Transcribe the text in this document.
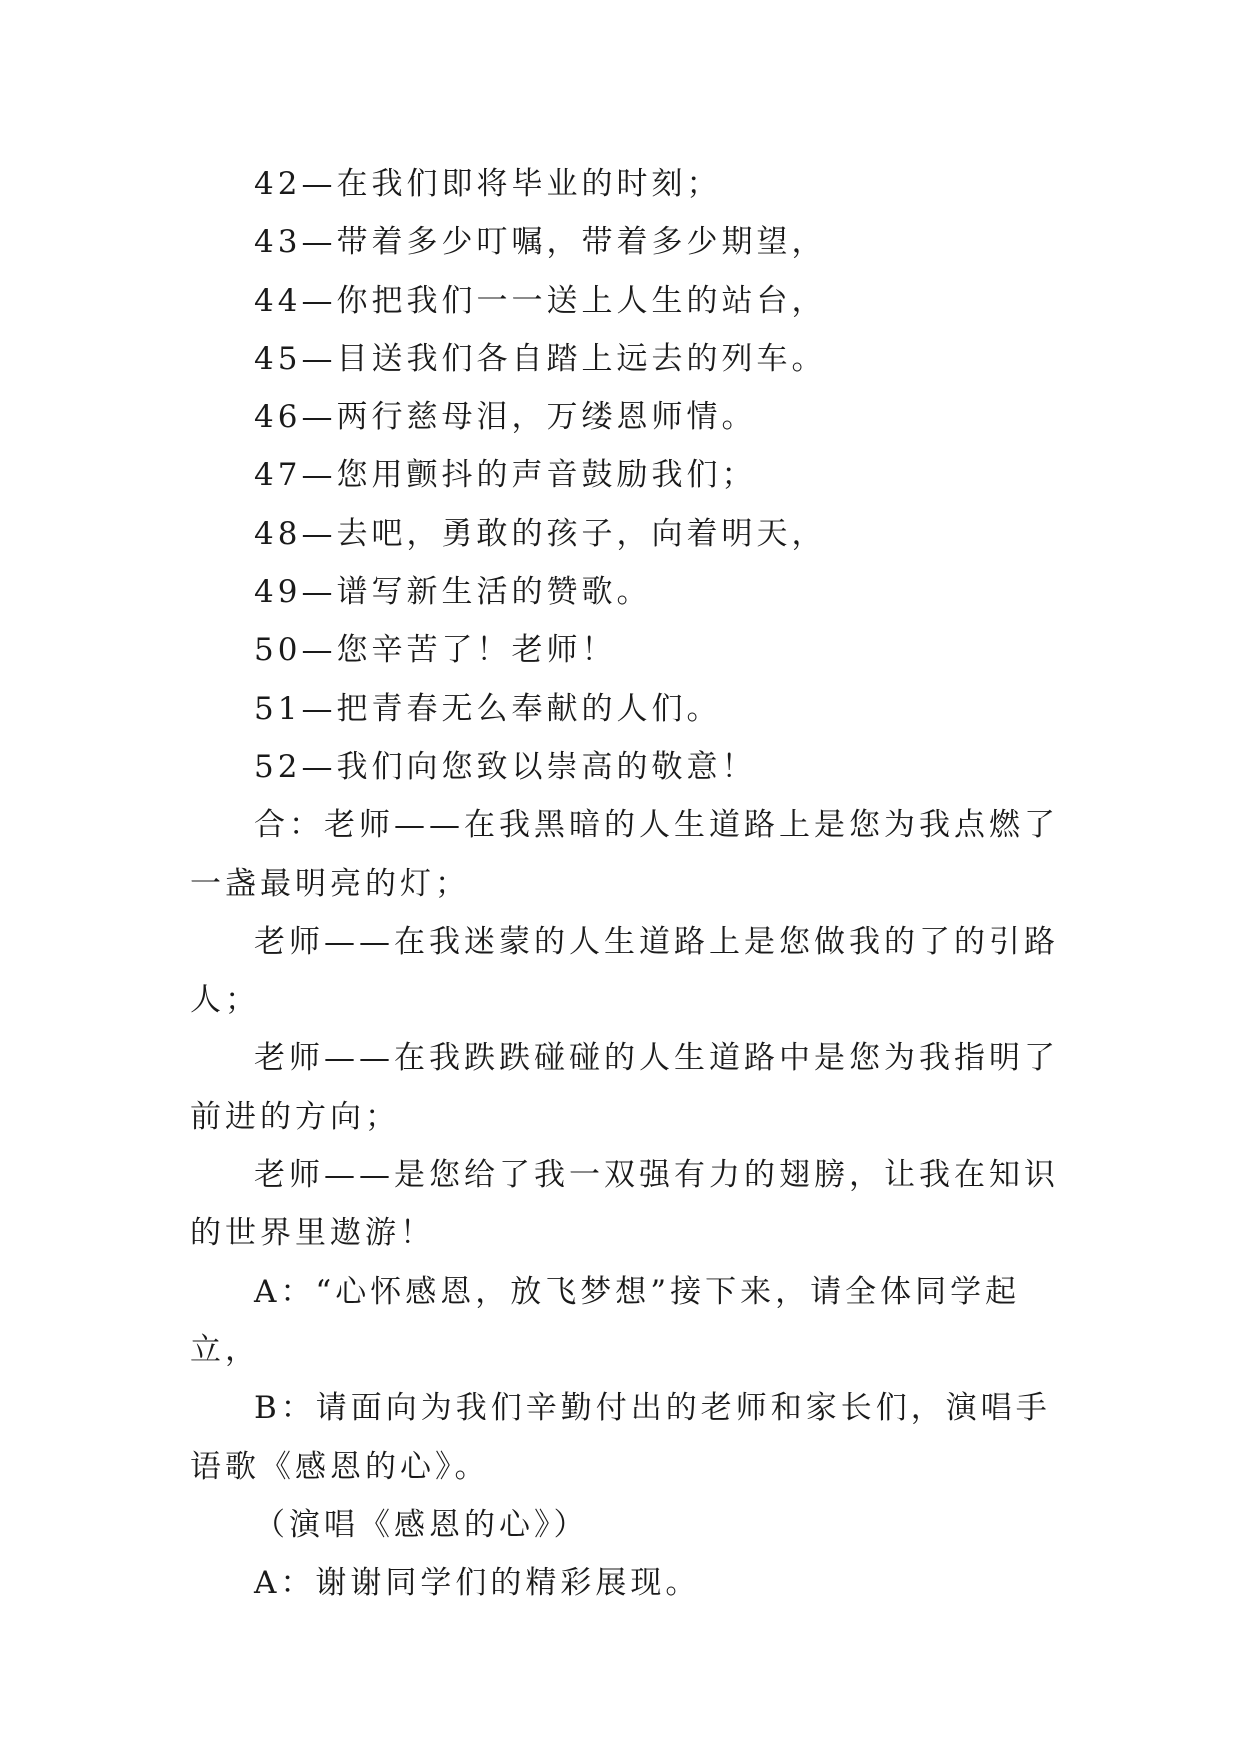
42—在我们即将毕业的时刻；

43—带着多少叮嘱，带着多少期望，

44—你把我们一一送上人生的站台，

45—目送我们各自踏上远去的列车。

46—两行慈母泪，万缕恩师情。

47—您用颤抖的声音鼓励我们；

48—去吧，勇敢的孩子，向着明天，

49—谱写新生活的赞歌。

50—您辛苦了！老师！

51—把青春无么奉献的人们。

52—我们向您致以崇高的敬意！

合：老师——在我黑暗的人生道路上是您为我点燃了一盏最明亮的灯；

老师——在我迷蒙的人生道路上是您做我的了的引路人；

老师——在我跌跌碰碰的人生道路中是您为我指明了前进的方向；

老师——是您给了我一双强有力的翅膀，让我在知识的世界里遨游！

A：“心怀感恩，放飞梦想”接下来，请全体同学起立，

B：请面向为我们辛勤付出的老师和家长们，演唱手语歌《感恩的心》。

（演唱《感恩的心》）

A：谢谢同学们的精彩展现。
